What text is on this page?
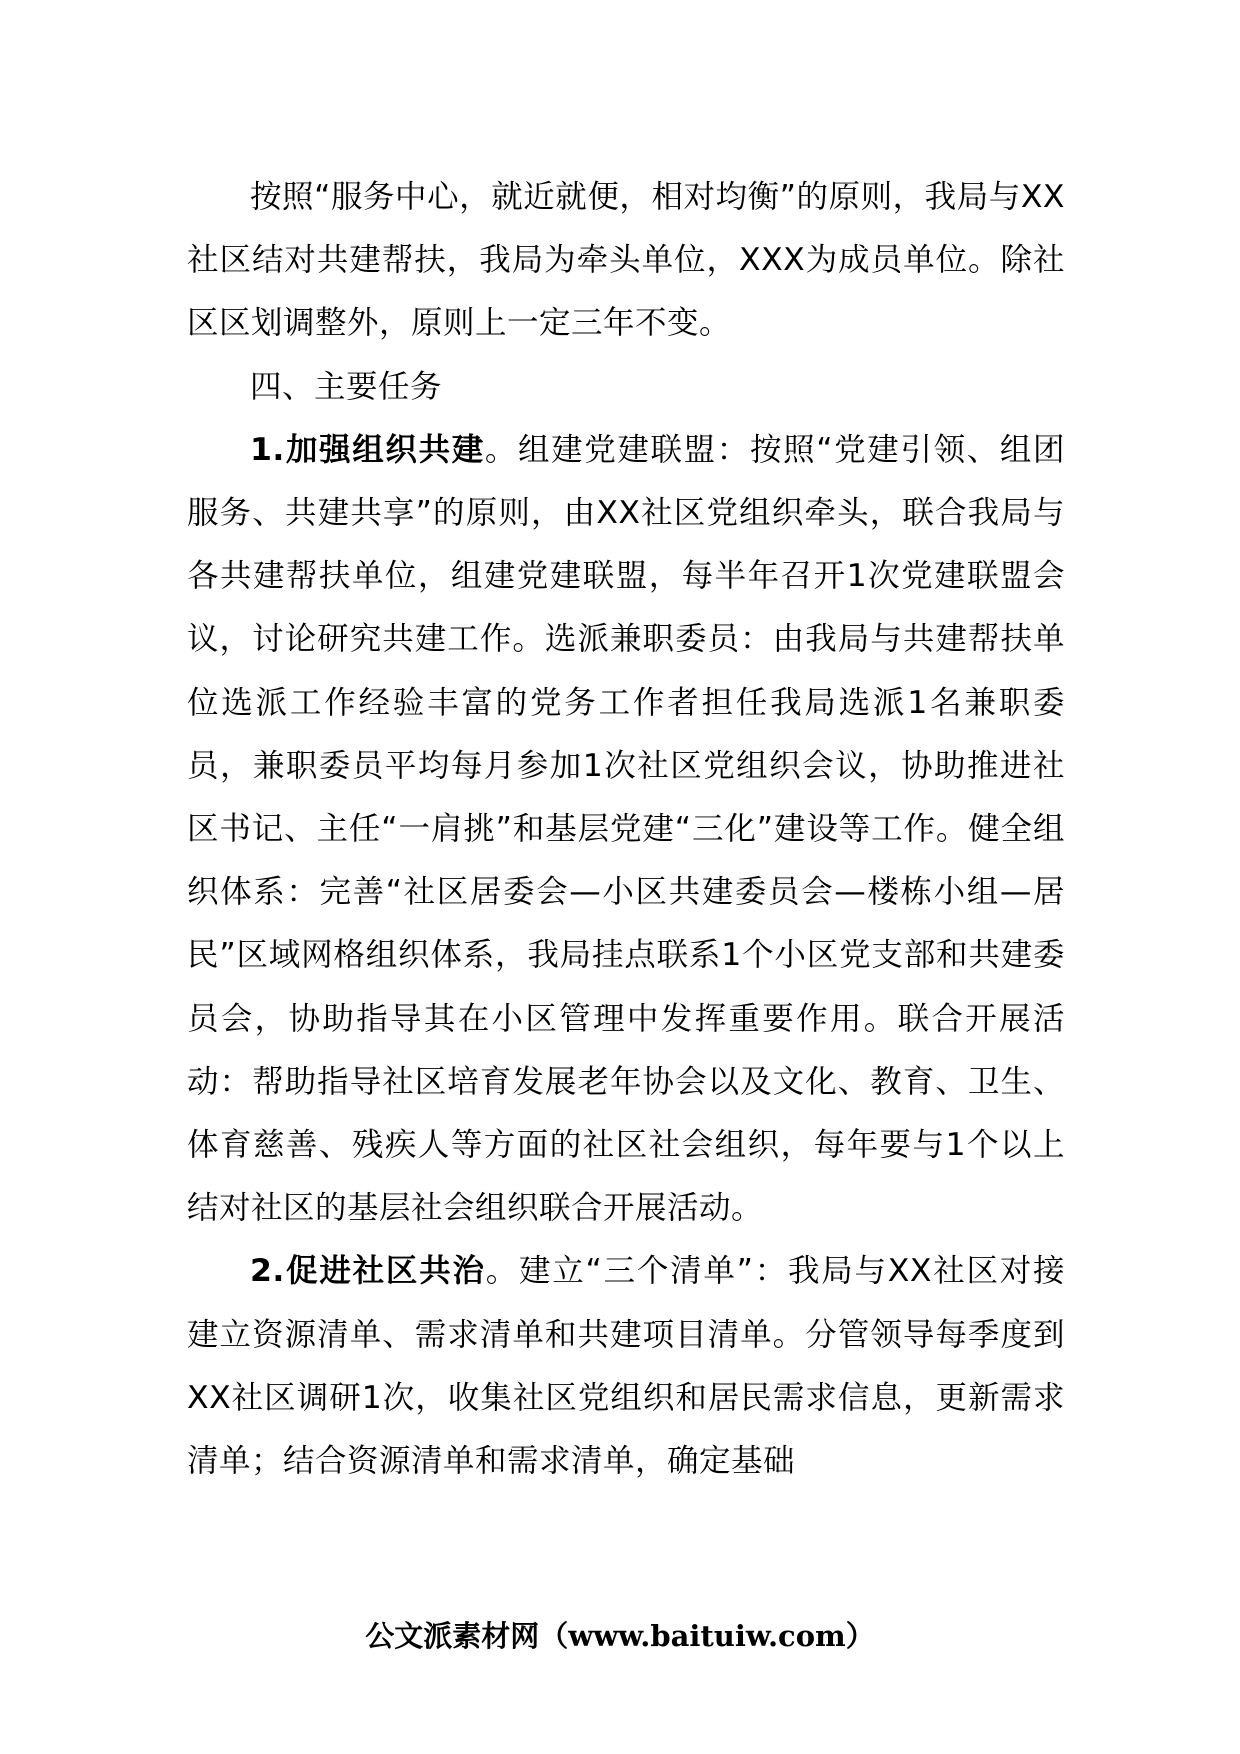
按照“服务中心，就近就便，相对均衡”的原则，我局与XX社区结对共建帮扶，我局为牵头单位，XXX为成员单位。除社区区划调整外，原则上一定三年不变。

四、主要任务

1.加强组织共建。组建党建联盟：按照“党建引领、组团服务、共建共享”的原则，由XX社区党组织牵头，联合我局与各共建帮扶单位，组建党建联盟，每半年召开1次党建联盟会议，讨论研究共建工作。选派兼职委员：由我局与共建帮扶单位选派工作经验丰富的党务工作者担任我局选派1名兼职委员，兼职委员平均每月参加1次社区党组织会议，协助推进社区书记、主任“一肩挑”和基层党建“三化”建设等工作。健全组织体系：完善“社区居委会—小区共建委员会—楼栋小组—居民”区域网格组织体系，我局挂点联系1个小区党支部和共建委员会，协助指导其在小区管理中发挥重要作用。联合开展活动：帮助指导社区培育发展老年协会以及文化、教育、卫生、体育慈善、残疾人等方面的社区社会组织，每年要与1个以上结对社区的基层社会组织联合开展活动。

2.促进社区共治。建立“三个清单”：我局与XX社区对接建立资源清单、需求清单和共建项目清单。分管领导每季度到XX社区调研1次，收集社区党组织和居民需求信息，更新需求清单；结合资源清单和需求清单，确定基础

公文派素材网（www.baituiw.com）
